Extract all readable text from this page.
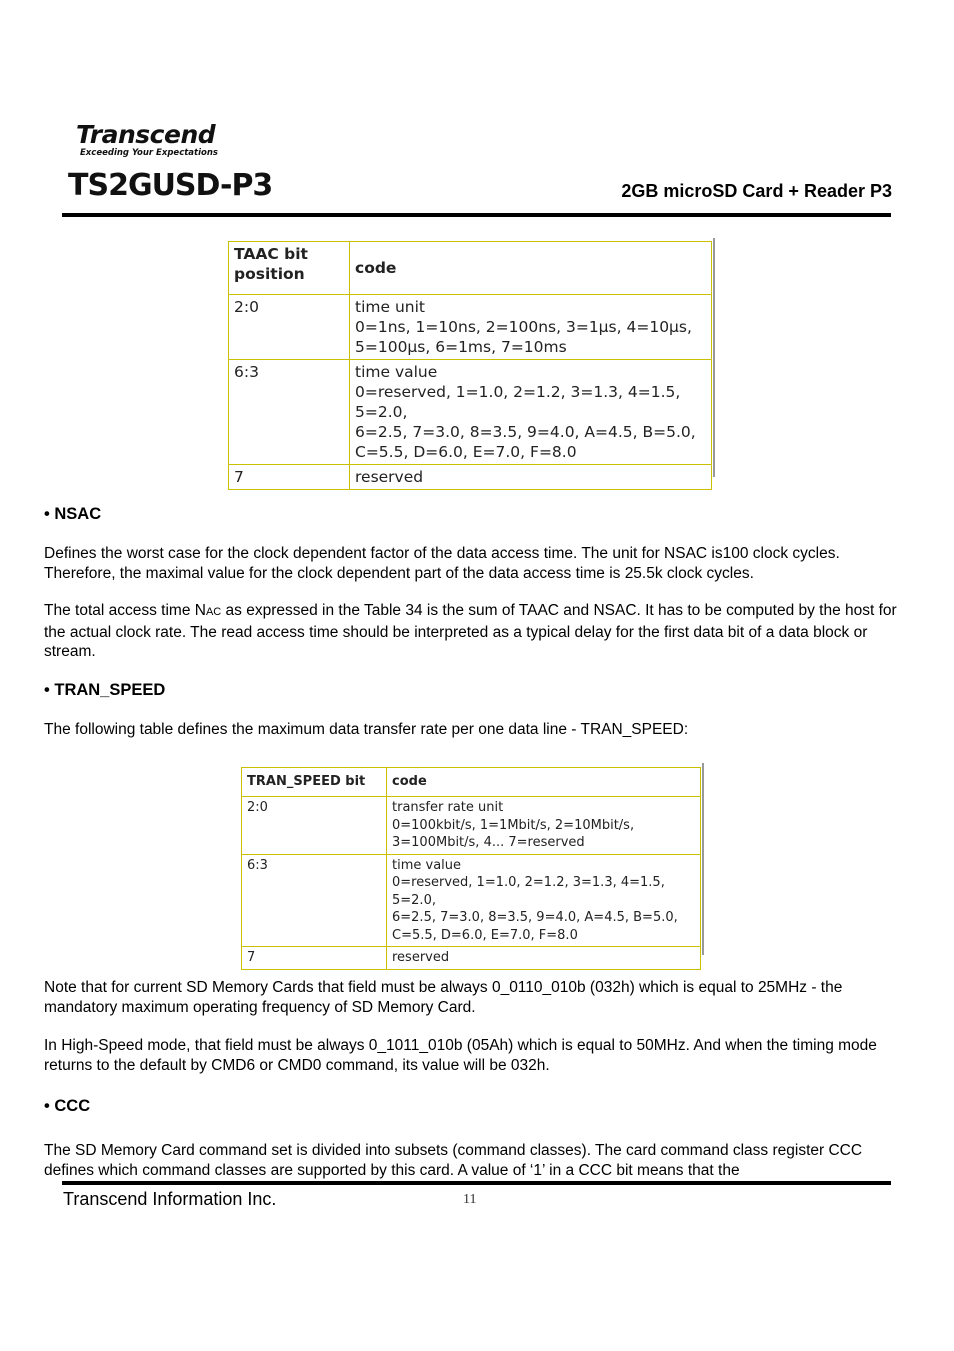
Transcend
Exceeding Your Expectations
TS2GUSD-P3	2GB microSD Card + Reader P3
TAAC bit position	code
2:0	time unit
0=1ns, 1=10ns, 2=100ns, 3=1μs, 4=10μs,
5=100μs, 6=1ms, 7=10ms

6:3	time value
0=reserved, 1=1.0, 2=1.2, 3=1.3, 4=1.5, 5=2.0,
6=2.5, 7=3.0, 8=3.5, 9=4.0, A=4.5, B=5.0,
C=5.5, D=6.0, E=7.0, F=8.0

7	reserved
• NSAC
Defines the worst case for the clock dependent factor of the data access time. The unit for NSAC is100 clock cycles. Therefore, the maximal value for the clock dependent part of the data access time is 25.5k clock cycles.
The total access time NAC as expressed in the Table 34 is the sum of TAAC and NSAC. It has to be computed by the host for the actual clock rate. The read access time should be interpreted as a typical delay for the first data bit of a data block or stream.
• TRAN_SPEED
The following table defines the maximum data transfer rate per one data line - TRAN_SPEED:
TRAN_SPEED bit	code
2:0	transfer rate unit
0=100kbit/s, 1=1Mbit/s, 2=10Mbit/s,
3=100Mbit/s, 4... 7=reserved

6:3	time value
0=reserved, 1=1.0, 2=1.2, 3=1.3, 4=1.5, 5=2.0,
6=2.5, 7=3.0, 8=3.5, 9=4.0, A=4.5, B=5.0,
C=5.5, D=6.0, E=7.0, F=8.0

7	reserved
Note that for current SD Memory Cards that field must be always 0_0110_010b (032h) which is equal to 25MHz - the mandatory maximum operating frequency of SD Memory Card.
In High-Speed mode, that field must be always 0_1011_010b (05Ah) which is equal to 50MHz. And when the timing mode returns to the default by CMD6 or CMD0 command, its value will be 032h.
• CCC
The SD Memory Card command set is divided into subsets (command classes). The card command class register CCC defines which command classes are supported by this card. A value of ‘1’ in a CCC bit means that the
Transcend Information Inc.	11
